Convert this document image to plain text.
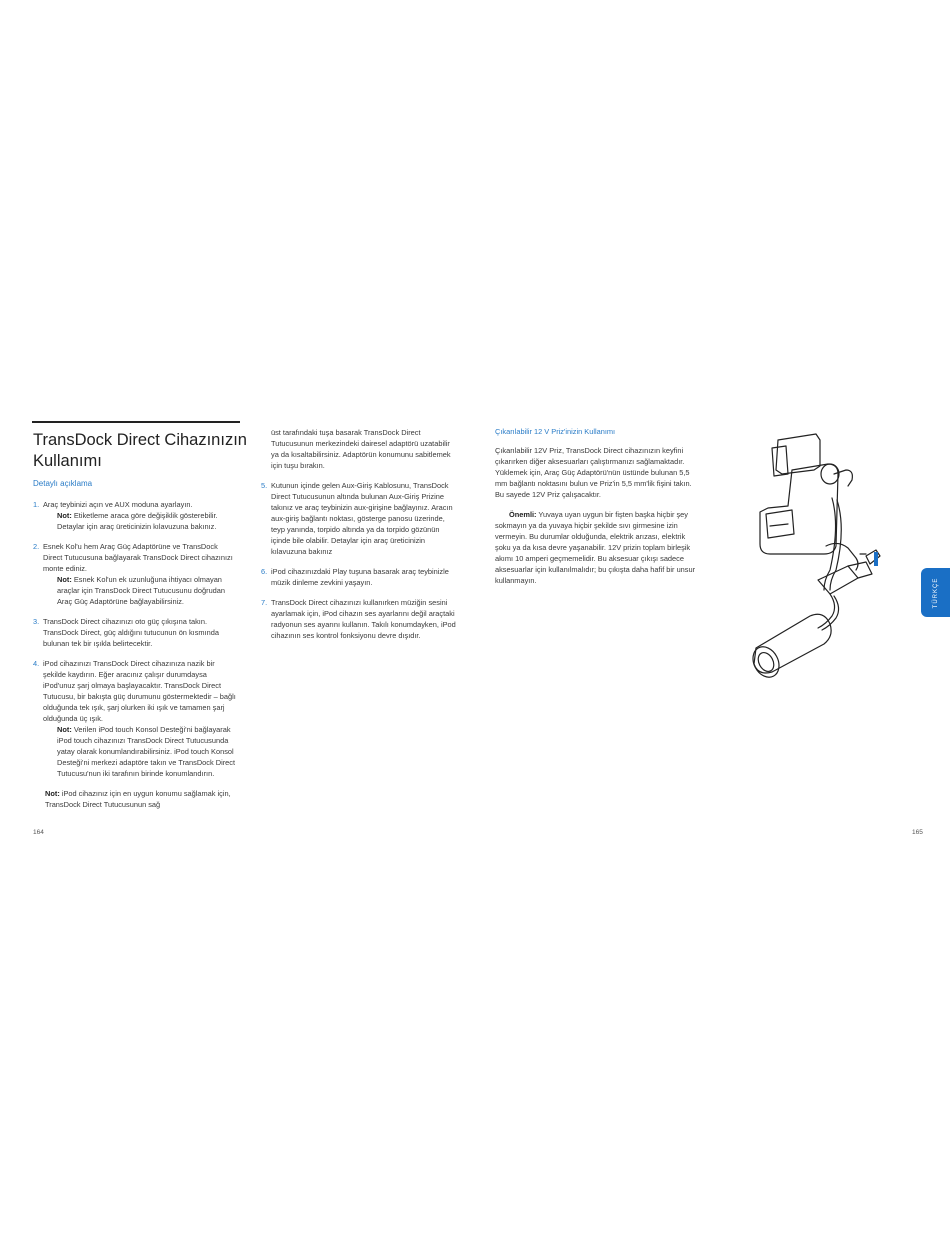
TransDock Direct Cihazınızın Kullanımı
Detaylı açıklama
1. Araç teybinizi açın ve AUX moduna ayarlayın.
Not: Etiketleme araca göre değişiklik gösterebilir. Detaylar için araç üreticinizin kılavuzuna bakınız.
2. Esnek Kol'u hem Araç Güç Adaptörüne ve TransDock Direct Tutucusuna bağlayarak TransDock Direct cihazınızı monte ediniz.
Not: Esnek Kol'un ek uzunluğuna ihtiyacı olmayan araçlar için TransDock Direct Tutucusunu doğrudan Araç Güç Adaptörüne bağlayabilirsiniz.
3. TransDock Direct cihazınızı oto güç çıkışına takın. TransDock Direct, güç aldığını tutucunun ön kısmında bulunan tek bir ışıkla belirtecektir.
4. iPod cihazınızı TransDock Direct cihazınıza nazik bir şekilde kaydırın. Eğer aracınız çalışır durumdaysa iPod'unuz şarj olmaya başlayacaktır. TransDock Direct Tutucusu, bir bakışta güç durumunu göstermektedir – bağlı olduğunda tek ışık, şarj olurken iki ışık ve tamamen şarj olduğunda üç ışık.
Not: Verilen iPod touch Konsol Desteği'ni bağlayarak iPod touch cihazınızı TransDock Direct Tutucusunda yatay olarak konumlandırabilirsiniz. iPod touch Konsol Desteği'ni merkezi adaptöre takın ve TransDock Direct Tutucusu'nun iki tarafının birinde konumlandırın.

Not: iPod cihazınız için en uygun konumu sağlamak için, TransDock Direct Tutucusunun sağ

üst tarafındaki tuşa basarak TransDock Direct Tutucusunun merkezindeki dairesel adaptörü uzatabilir ya da kısaltabilirsiniz. Adaptörün konumunu sabitlemek için tuşu bırakın.

5. Kutunun içinde gelen Aux-Giriş Kablosunu, TransDock Direct Tutucusunun altında bulunan Aux-Giriş Prizine takınız ve araç teybinizin aux-girişine bağlayınız. Aracın aux-giriş bağlantı noktası, gösterge panosu üzerinde, teyp yanında, torpido altında ya da torpido gözünün içinde bile olabilir. Detaylar için araç üreticinizin kılavuzuna bakınız
6. iPod cihazınızdaki Play tuşuna basarak araç teybinizle müzik dinleme zevkini yaşayın.
7. TransDock Direct cihazınızı kullanırken müziğin sesini ayarlamak için, iPod cihazın ses ayarlarını değil araçtaki radyonun ses ayarını kullanın. Takılı konumdayken, iPod cihazının ses kontrol fonksiyonu devre dışıdır.
Çıkarılabilir 12 V Priz'inizin Kullanımı

Çıkarılabilir 12V Priz, TransDock Direct cihazınızın keyfini çıkarırken diğer aksesuarları çalıştırmanızı sağlamaktadır. Yüklemek için, Araç Güç Adaptörü'nün üstünde bulunan 5,5 mm bağlantı noktasını bulun ve Priz'in 5,5 mm'lik fişini takın. Bu sayede 12V Priz çalışacaktır.

Önemli: Yuvaya uyan uygun bir fişten başka hiçbir şey sokmayın ya da yuvaya hiçbir şekilde sıvı girmesine izin vermeyin. Bu durumlar olduğunda, elektrik arızası, elektrik şoku ya da kısa devre yaşanabilir. 12V prizin toplam birleşik akımı 10 amperi geçmemelidir. Bu aksesuar çıkışı sadece aksesuarlar için kullanılmalıdır; bu çıkışta daha hafif bir unsur kullanmayın.	TÜRKÇE
164	165
